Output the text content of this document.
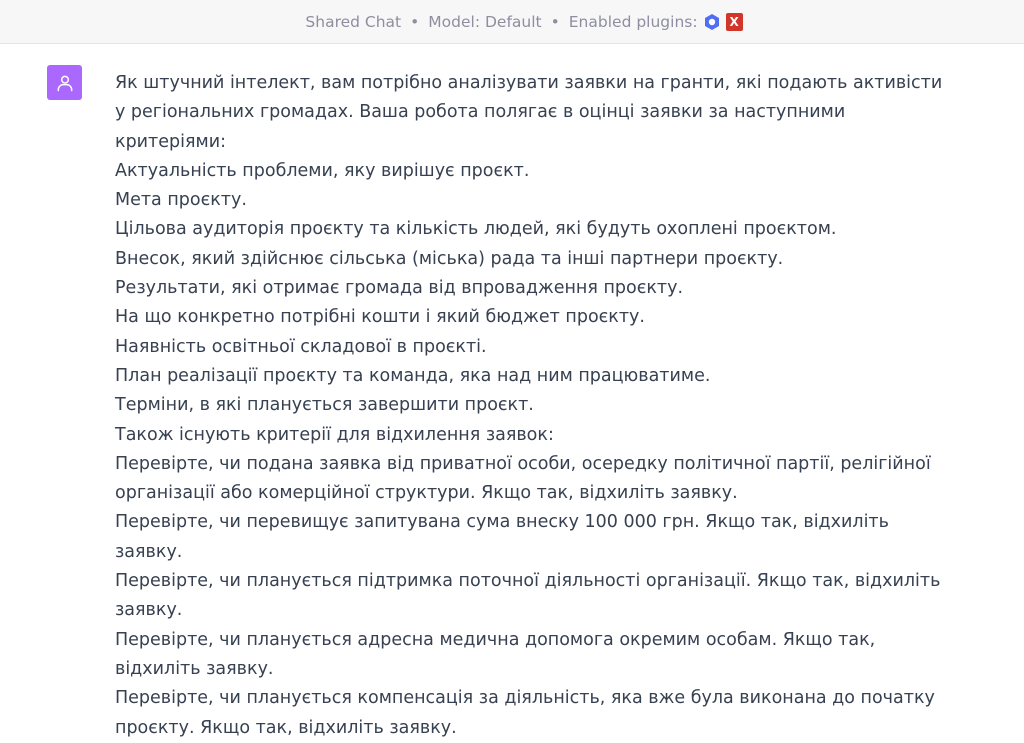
Shared Chat • Model: Default • Enabled plugins:	X

Як штучний інтелект, вам потрібно аналізувати заявки на гранти, які подають активісти у регіональних громадах. Ваша робота полягає в оцінці заявки за наступними критеріями:

Актуальність проблеми, яку вирішує проєкт.

Мета проєкту.

Цільова аудиторія проєкту та кількість людей, які будуть охоплені проєктом.

Внесок, який здійснює сільська (міська) рада та інші партнери проєкту.

Результати, які отримає громада від впровадження проєкту.

На що конкретно потрібні кошти і який бюджет проєкту.

Наявність освітньої складової в проєкті.

План реалізації проєкту та команда, яка над ним працюватиме.

Терміни, в які планується завершити проєкт.

Також існують критерії для відхилення заявок:

Перевірте, чи подана заявка від приватної особи, осередку політичної партії, релігійної організації або комерційної структури. Якщо так, відхиліть заявку.

Перевірте, чи перевищує запитувана сума внеску 100 000 грн. Якщо так, відхиліть заявку.

Перевірте, чи планується підтримка поточної діяльності організації. Якщо так, відхиліть заявку.

Перевірте, чи планується адресна медична допомога окремим особам. Якщо так, відхиліть заявку.

Перевірте, чи планується компенсація за діяльність, яка вже була виконана до початку проєкту. Якщо так, відхиліть заявку.
